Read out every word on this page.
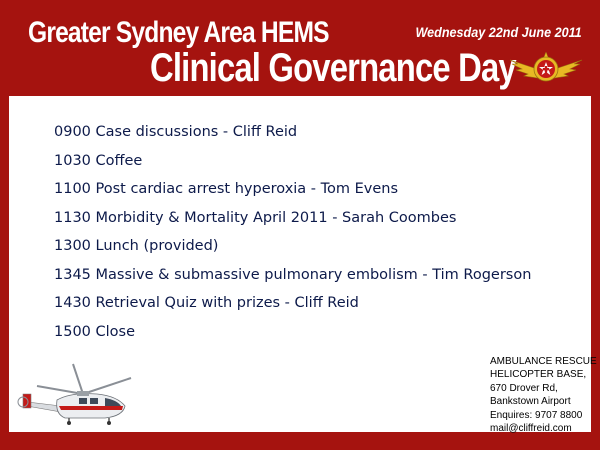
Greater Sydney Area HEMS
Clinical Governance Day
Wednesday 22nd June 2011
0900 Case discussions - Cliff Reid
1030 Coffee
1100 Post cardiac arrest hyperoxia - Tom Evens
1130 Morbidity & Mortality April 2011 - Sarah Coombes
1300 Lunch (provided)
1345 Massive & submassive pulmonary embolism - Tim Rogerson
1430 Retrieval Quiz with prizes - Cliff Reid
1500 Close
AMBULANCE RESCUE
HELICOPTER BASE,
670 Drover Rd,
Bankstown Airport
Enquires: 9707 8800
mail@cliffreid.com
